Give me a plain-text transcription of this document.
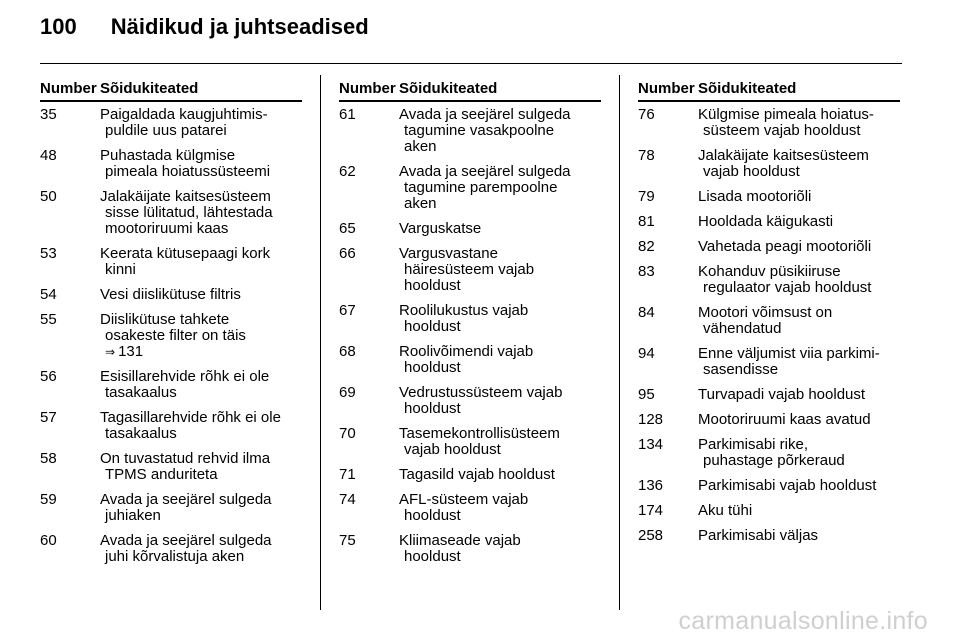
100 Näidikud ja juhtseadised
Number Sõidukiteated
35	Paigaldada kaugjuhtimis-
puldile uus patarei
48	Puhastada külgmise
pimeala hoiatussüsteemi
50	Jalakäijate kaitsesüsteem
sisse lülitatud, lähtestada
mootoriruumi kaas
53	Keerata kütusepaagi kork
kinni
54	Vesi diislikütuse filtris
55	Diislikütuse tahkete
osakeste filter on täis
⇒ 131
56	Esisillarehvide rõhk ei ole
tasakaalus
57	Tagasillarehvide rõhk ei ole
tasakaalus
58	On tuvastatud rehvid ilma
TPMS anduriteta
59	Avada ja seejärel sulgeda
juhiaken
60	Avada ja seejärel sulgeda
juhi kõrvalistuja aken
Number Sõidukiteated
61	Avada ja seejärel sulgeda
tagumine vasakpoolne
aken
62	Avada ja seejärel sulgeda
tagumine parempoolne
aken
65	Varguskatse
66	Vargusvastane
häiresüsteem vajab
hooldust
67	Roolilukustus vajab
hooldust
68	Roolivõimendi vajab
hooldust
69	Vedrustussüsteem vajab
hooldust
70	Tasemekontrollisüsteem
vajab hooldust
71	Tagasild vajab hooldust
74	AFL-süsteem vajab
hooldust
75	Kliimaseade vajab
hooldust
Number Sõidukiteated
76	Külgmise pimeala hoiatus-
süsteem vajab hooldust
78	Jalakäijate kaitsesüsteem
vajab hooldust
79	Lisada mootoriõli
81	Hooldada käigukasti
82	Vahetada peagi mootoriõli
83	Kohanduv püsikiiruse
regulaator vajab hooldust
84	Mootori võimsust on
vähendatud
94	Enne väljumist viia parkimi-
sasendisse
95	Turvapadi vajab hooldust
128	Mootoriruumi kaas avatud
134	Parkimisabi rike,
puhastage põrkeraud
136	Parkimisabi vajab hooldust
174	Aku tühi
258	Parkimisabi väljas
carmanualsonline.info
